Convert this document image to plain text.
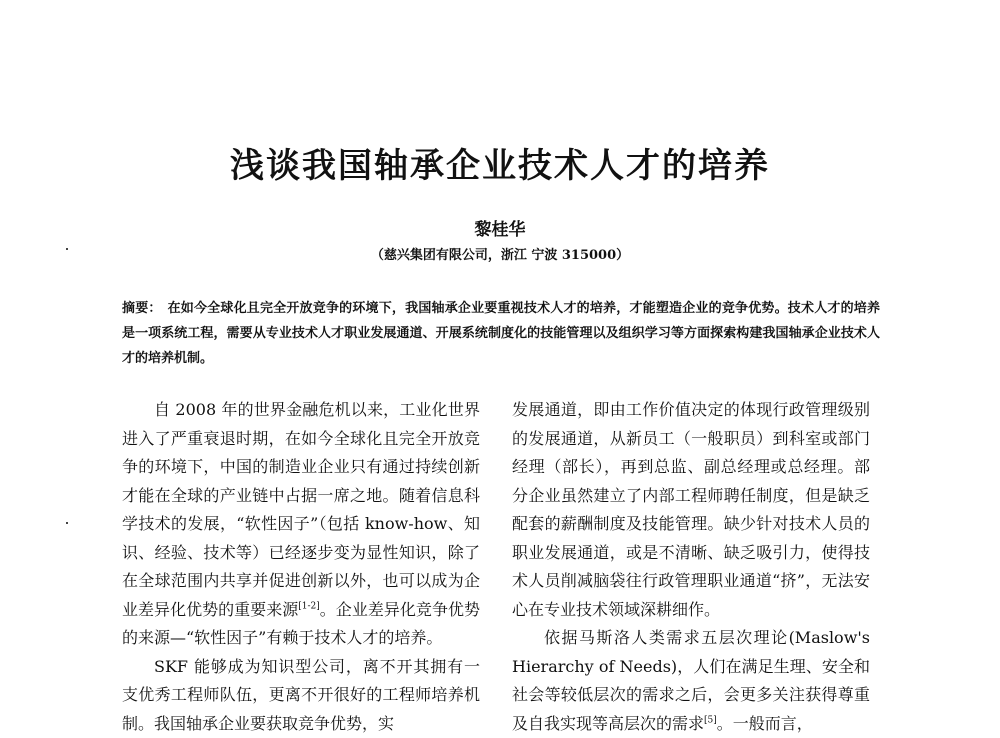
浅谈我国轴承企业技术人才的培养
黎桂华
（慈兴集团有限公司，浙江 宁波 315000）
摘要： 在如今全球化且完全开放竞争的环境下，我国轴承企业要重视技术人才的培养，才能塑造企业的竞争优势。技术人才的培养是一项系统工程，需要从专业技术人才职业发展通道、开展系统制度化的技能管理以及组织学习等方面探索构建我国轴承企业技术人才的培养机制。

自 2008 年的世界金融危机以来，工业化世界进入了严重衰退时期，在如今全球化且完全开放竞争的环境下，中国的制造业企业只有通过持续创新才能在全球的产业链中占据一席之地。随着信息科学技术的发展，“软性因子”（包括 know-how、知识、经验、技术等）已经逐步变为显性知识，除了在全球范围内共享并促进创新以外，也可以成为企业差异化优势的重要来源[1-2]。企业差异化竞争优势的来源—“软性因子”有赖于技术人才的培养。

SKF 能够成为知识型公司，离不开其拥有一支优秀工程师队伍，更离不开很好的工程师培养机制。我国轴承企业要获取竞争优势，实

发展通道，即由工作价值决定的体现行政管理级别的发展通道，从新员工（一般职员）到科室或部门经理（部长），再到总监、副总经理或总经理。部分企业虽然建立了内部工程师聘任制度，但是缺乏配套的薪酬制度及技能管理。缺少针对技术人员的职业发展通道，或是不清晰、缺乏吸引力，使得技术人员削减脑袋往行政管理职业通道“挤”，无法安心在专业技术领域深耕细作。

依据马斯洛人类需求五层次理论(Maslow's Hierarchy of Needs)，人们在满足生理、安全和社会等较低层次的需求之后，会更多关注获得尊重及自我实现等高层次的需求[5]。一般而言，
